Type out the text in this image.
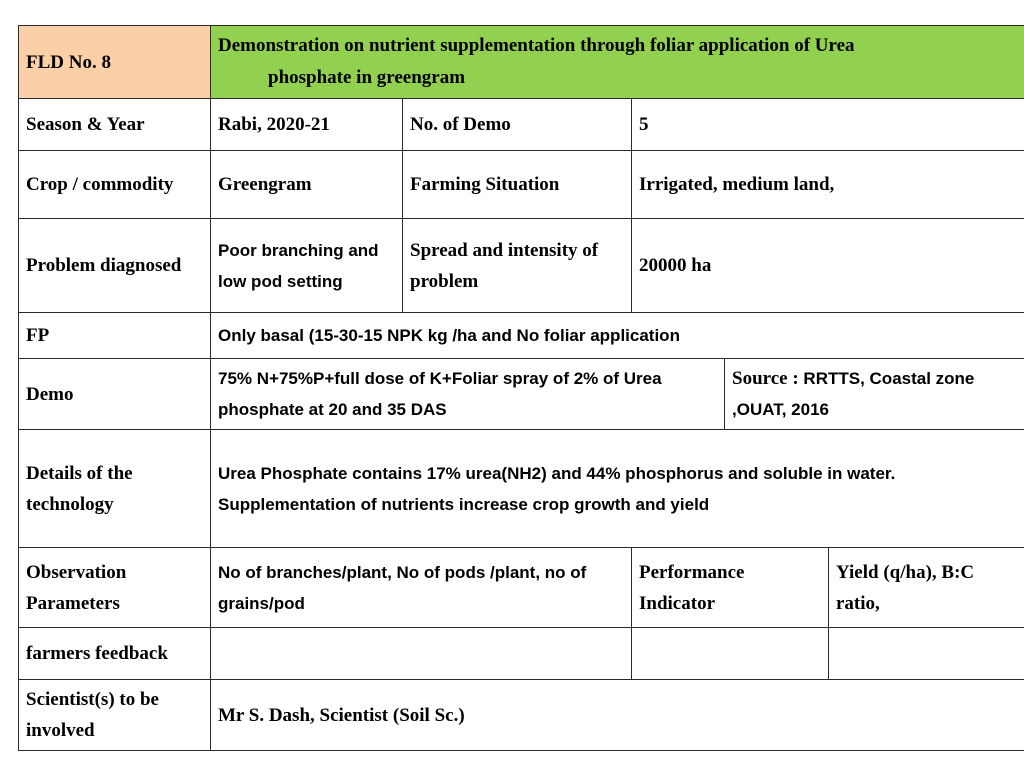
FLD No. 8	Demonstration on nutrient supplementation through foliar application of Urea
phosphate in greengram				
Season & Year	Rabi, 2020-21	No. of Demo	5		
Crop / commodity	Greengram	Farming Situation	Irrigated, medium land,		
Problem diagnosed	Poor branching and low pod setting	Spread and intensity of problem	20000 ha		
FP	Only basal (15-30-15 NPK kg /ha and No foliar application				
Demo	75% N+75%P+full dose of K+Foliar spray of 2% of Urea phosphate at 20 and 35 DAS			Source : RRTTS, Coastal zone ,OUAT, 2016	
Details of the technology	Urea Phosphate contains 17% urea(NH2) and 44% phosphorus and soluble in water.
Supplementation of nutrients increase crop growth and yield				
Observation Parameters	No of branches/plant, No of pods /plant, no of grains/pod		Performance Indicator		Yield (q/ha), B:C ratio,
farmers feedback					
Scientist(s) to be involved	Mr S. Dash, Scientist (Soil Sc.)				
